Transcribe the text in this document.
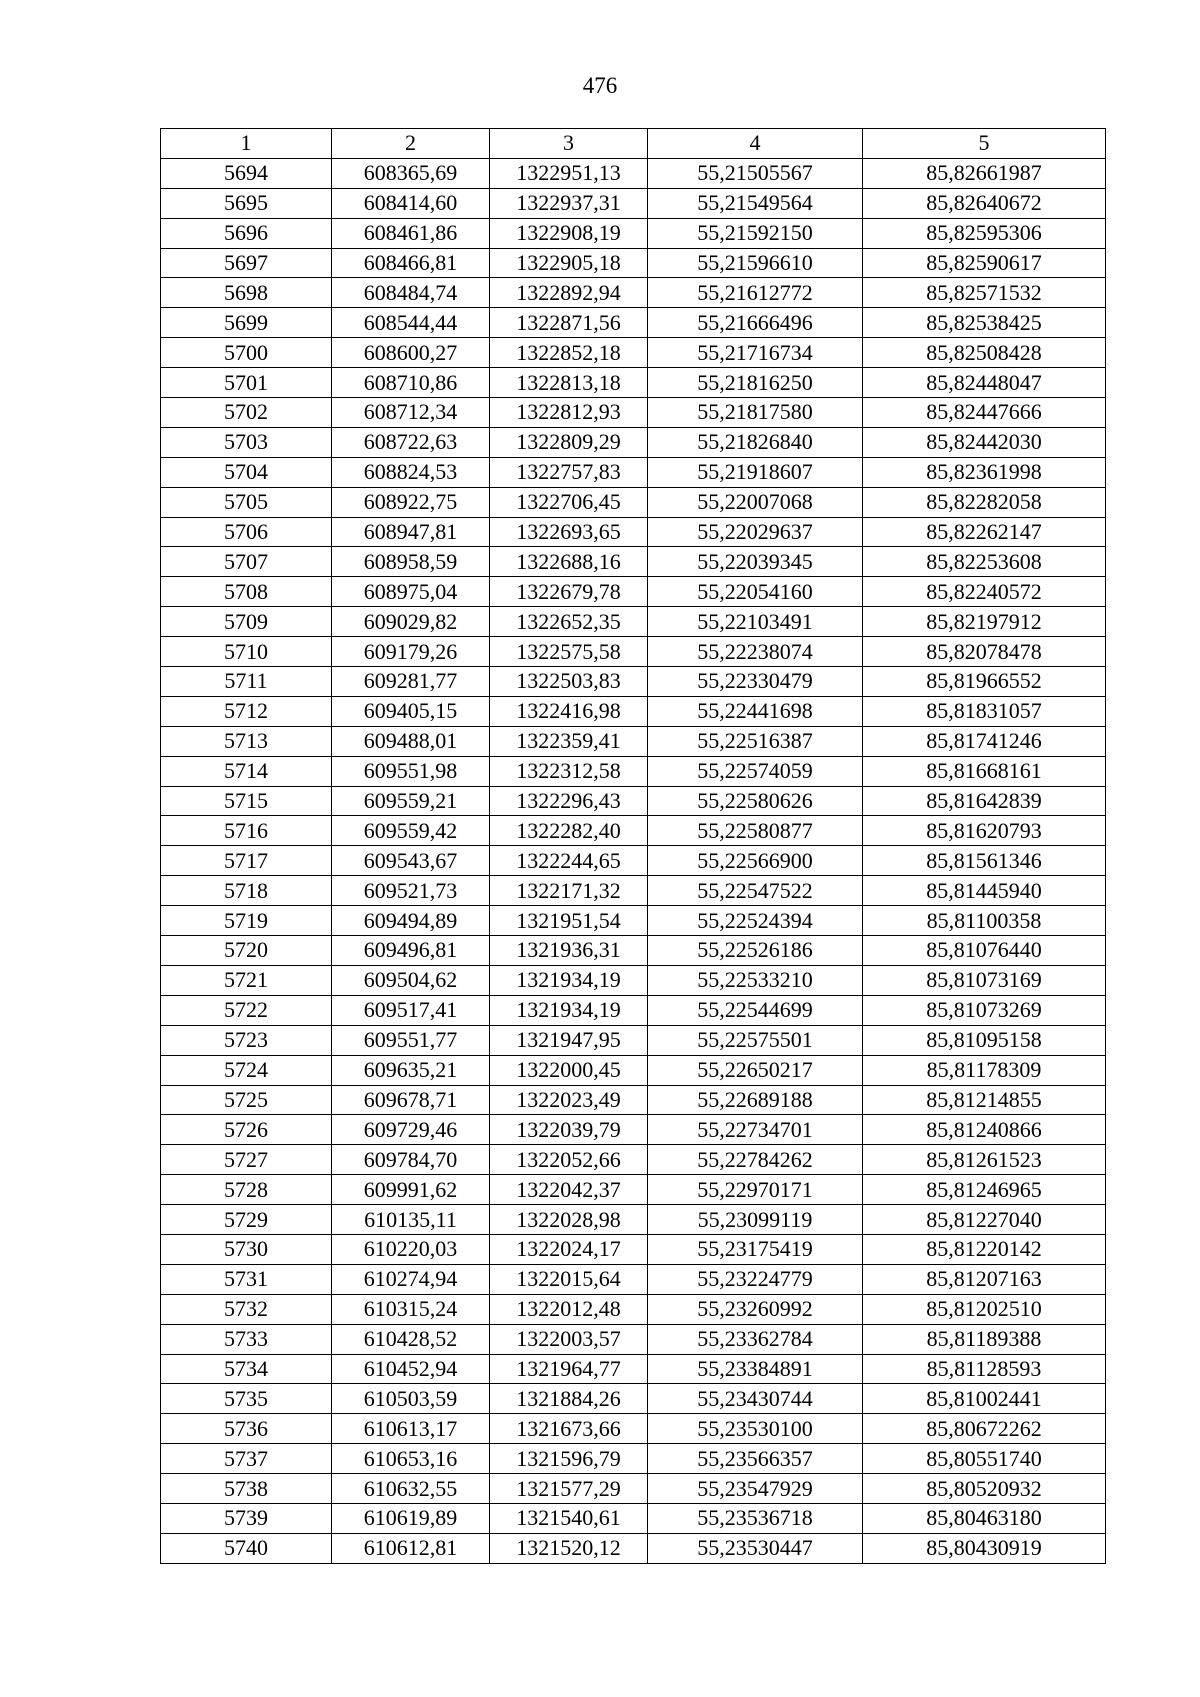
476
1	2	3	4	5
5694	608365,69	1322951,13	55,21505567	85,82661987
5695	608414,60	1322937,31	55,21549564	85,82640672
5696	608461,86	1322908,19	55,21592150	85,82595306
5697	608466,81	1322905,18	55,21596610	85,82590617
5698	608484,74	1322892,94	55,21612772	85,82571532
5699	608544,44	1322871,56	55,21666496	85,82538425
5700	608600,27	1322852,18	55,21716734	85,82508428
5701	608710,86	1322813,18	55,21816250	85,82448047
5702	608712,34	1322812,93	55,21817580	85,82447666
5703	608722,63	1322809,29	55,21826840	85,82442030
5704	608824,53	1322757,83	55,21918607	85,82361998
5705	608922,75	1322706,45	55,22007068	85,82282058
5706	608947,81	1322693,65	55,22029637	85,82262147
5707	608958,59	1322688,16	55,22039345	85,82253608
5708	608975,04	1322679,78	55,22054160	85,82240572
5709	609029,82	1322652,35	55,22103491	85,82197912
5710	609179,26	1322575,58	55,22238074	85,82078478
5711	609281,77	1322503,83	55,22330479	85,81966552
5712	609405,15	1322416,98	55,22441698	85,81831057
5713	609488,01	1322359,41	55,22516387	85,81741246
5714	609551,98	1322312,58	55,22574059	85,81668161
5715	609559,21	1322296,43	55,22580626	85,81642839
5716	609559,42	1322282,40	55,22580877	85,81620793
5717	609543,67	1322244,65	55,22566900	85,81561346
5718	609521,73	1322171,32	55,22547522	85,81445940
5719	609494,89	1321951,54	55,22524394	85,81100358
5720	609496,81	1321936,31	55,22526186	85,81076440
5721	609504,62	1321934,19	55,22533210	85,81073169
5722	609517,41	1321934,19	55,22544699	85,81073269
5723	609551,77	1321947,95	55,22575501	85,81095158
5724	609635,21	1322000,45	55,22650217	85,81178309
5725	609678,71	1322023,49	55,22689188	85,81214855
5726	609729,46	1322039,79	55,22734701	85,81240866
5727	609784,70	1322052,66	55,22784262	85,81261523
5728	609991,62	1322042,37	55,22970171	85,81246965
5729	610135,11	1322028,98	55,23099119	85,81227040
5730	610220,03	1322024,17	55,23175419	85,81220142
5731	610274,94	1322015,64	55,23224779	85,81207163
5732	610315,24	1322012,48	55,23260992	85,81202510
5733	610428,52	1322003,57	55,23362784	85,81189388
5734	610452,94	1321964,77	55,23384891	85,81128593
5735	610503,59	1321884,26	55,23430744	85,81002441
5736	610613,17	1321673,66	55,23530100	85,80672262
5737	610653,16	1321596,79	55,23566357	85,80551740
5738	610632,55	1321577,29	55,23547929	85,80520932
5739	610619,89	1321540,61	55,23536718	85,80463180
5740	610612,81	1321520,12	55,23530447	85,80430919
